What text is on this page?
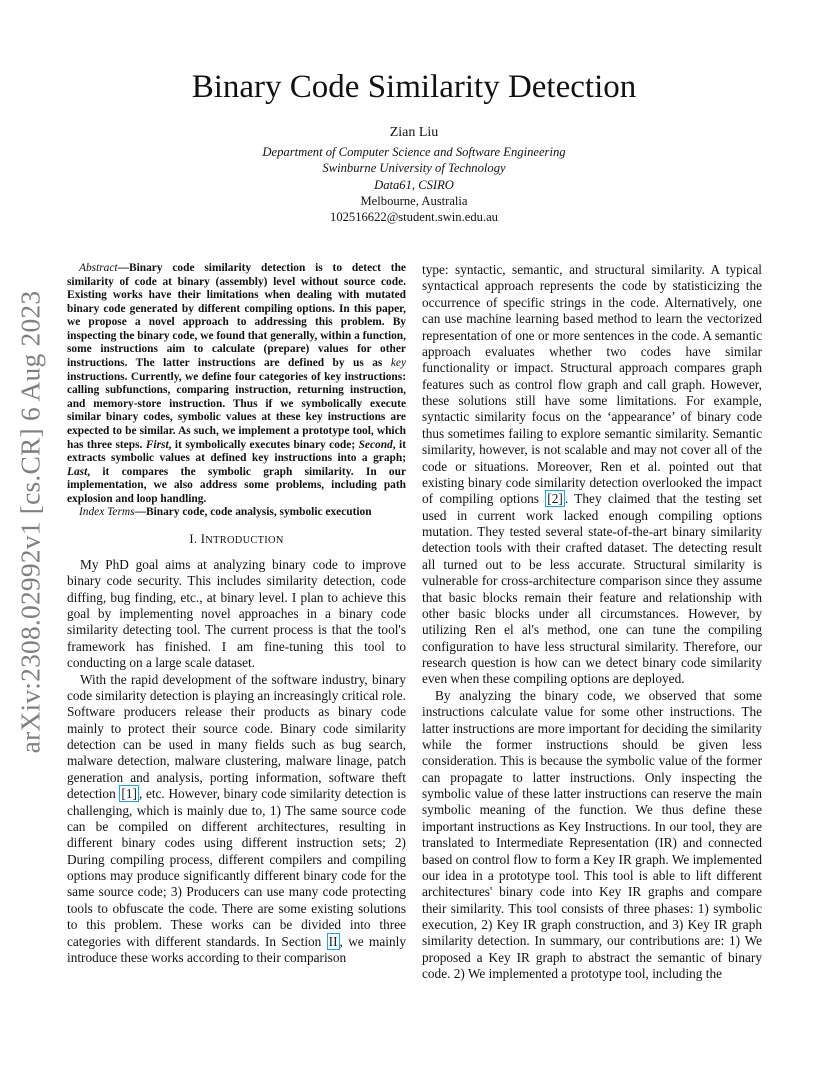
arXiv:2308.02992v1 [cs.CR] 6 Aug 2023
Binary Code Similarity Detection
Zian Liu
Department of Computer Science and Software Engineering
Swinburne University of Technology
Data61, CSIRO
Melbourne, Australia
102516622@student.swin.edu.au

Abstract—Binary code similarity detection is to detect the similarity of code at binary (assembly) level without source code. Existing works have their limitations when dealing with mutated binary code generated by different compiling options. In this paper, we propose a novel approach to addressing this problem. By inspecting the binary code, we found that generally, within a function, some instructions aim to calculate (prepare) values for other instructions. The latter instructions are defined by us as key instructions. Currently, we define four categories of key instructions: calling subfunctions, comparing instruction, returning instruction, and memory-store instruction. Thus if we symbolically execute similar binary codes, symbolic values at these key instructions are expected to be similar. As such, we implement a prototype tool, which has three steps. First, it symbolically executes binary code; Second, it extracts symbolic values at defined key instructions into a graph; Last, it compares the symbolic graph similarity. In our implementation, we also address some problems, including path explosion and loop handling.

Index Terms—Binary code, code analysis, symbolic execution

I. INTRODUCTION

My PhD goal aims at analyzing binary code to improve binary code security. This includes similarity detection, code diffing, bug finding, etc., at binary level. I plan to achieve this goal by implementing novel approaches in a binary code similarity detecting tool. The current process is that the tool's framework has finished. I am fine-tuning this tool to conducting on a large scale dataset.

With the rapid development of the software industry, binary code similarity detection is playing an increasingly critical role. Software producers release their products as binary code mainly to protect their source code. Binary code similarity detection can be used in many fields such as bug search, malware detection, malware clustering, malware linage, patch generation and analysis, porting information, software theft detection [1] , etc. However, binary code similarity detection is challenging, which is mainly due to, 1) The same source code can be compiled on different architectures, resulting in different binary codes using different instruction sets; 2) During compiling process, different compilers and compiling options may produce significantly different binary code for the same source code; 3) Producers can use many code protecting tools to obfuscate the code. There are some existing solutions to this problem. These works can be divided into three categories with different standards. In Section II , we mainly introduce these works according to their comparison

type: syntactic, semantic, and structural similarity. A typical syntactical approach represents the code by statisticizing the occurrence of specific strings in the code. Alternatively, one can use machine learning based method to learn the vectorized representation of one or more sentences in the code. A semantic approach evaluates whether two codes have similar functionality or impact. Structural approach compares graph features such as control flow graph and call graph. However, these solutions still have some limitations. For example, syntactic similarity focus on the ‘appearance’ of binary code thus sometimes failing to explore semantic similarity. Semantic similarity, however, is not scalable and may not cover all of the code or situations. Moreover, Ren et al. pointed out that existing binary code similarity detection overlooked the impact of compiling options [2] . They claimed that the testing set used in current work lacked enough compiling options mutation. They tested several state-of-the-art binary similarity detection tools with their crafted dataset. The detecting result all turned out to be less accurate. Structural similarity is vulnerable for cross-architecture comparison since they assume that basic blocks remain their feature and relationship with other basic blocks under all circumstances. However, by utilizing Ren el al's method, one can tune the compiling configuration to have less structural similarity. Therefore, our research question is how can we detect binary code similarity even when these compiling options are deployed.

By analyzing the binary code, we observed that some instructions calculate value for some other instructions. The latter instructions are more important for deciding the similarity while the former instructions should be given less consideration. This is because the symbolic value of the former can propagate to latter instructions. Only inspecting the symbolic value of these latter instructions can reserve the main symbolic meaning of the function. We thus define these important instructions as Key Instructions. In our tool, they are translated to Intermediate Representation (IR) and connected based on control flow to form a Key IR graph. We implemented our idea in a prototype tool. This tool is able to lift different architectures' binary code into Key IR graphs and compare their similarity. This tool consists of three phases: 1) symbolic execution, 2) Key IR graph construction, and 3) Key IR graph similarity detection. In summary, our contributions are: 1) We proposed a Key IR graph to abstract the semantic of binary code. 2) We implemented a prototype tool, including the
